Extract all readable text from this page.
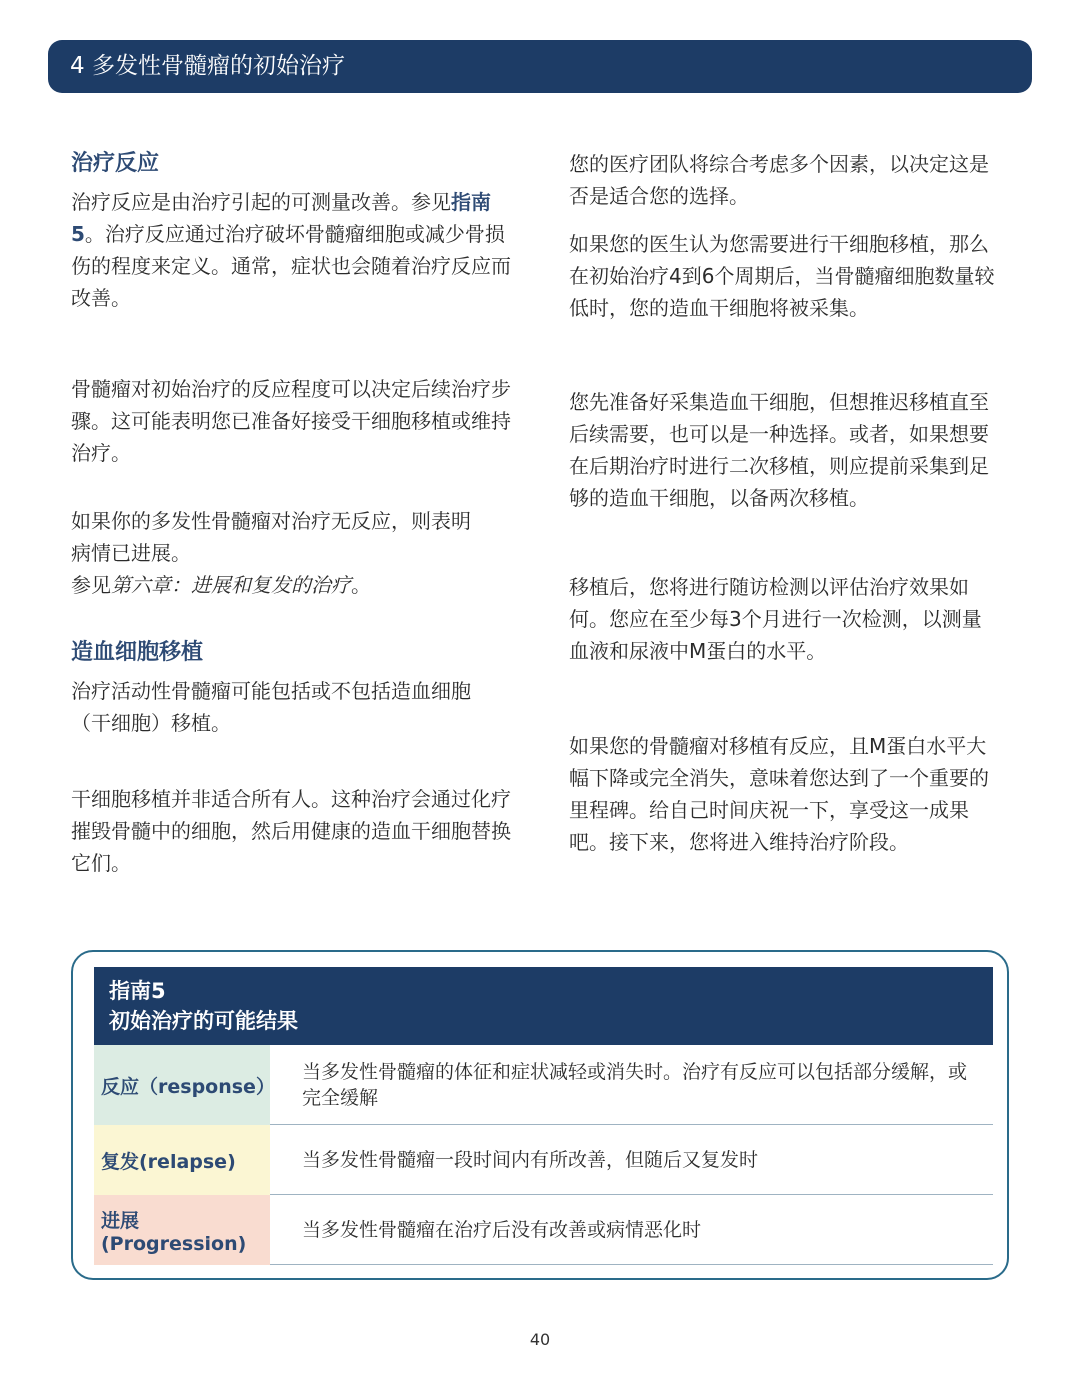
4 多发性骨髓瘤的初始治疗
治疗反应

治疗反应是由治疗引起的可测量改善。参见指南5。治疗反应通过治疗破坏骨髓瘤细胞或减少骨损伤的程度来定义。通常，症状也会随着治疗反应而改善。

骨髓瘤对初始治疗的反应程度可以决定后续治疗步骤。这可能表明您已准备好接受干细胞移植或维持治疗。

如果你的多发性骨髓瘤对治疗无反应，则表明病情已进展。

参见第六章：进展和复发的治疗。

造血细胞移植

治疗活动性骨髓瘤可能包括或不包括造血细胞（干细胞）移植。

干细胞移植并非适合所有人。这种治疗会通过化疗摧毁骨髓中的细胞，然后用健康的造血干细胞替换它们。

您的医疗团队将综合考虑多个因素，以决定这是否是适合您的选择。

如果您的医生认为您需要进行干细胞移植，那么在初始治疗4到6个周期后，当骨髓瘤细胞数量较低时，您的造血干细胞将被采集。

您先准备好采集造血干细胞，但想推迟移植直至后续需要，也可以是一种选择。或者，如果想要在后期治疗时进行二次移植，则应提前采集到足够的造血干细胞，以备两次移植。

移植后，您将进行随访检测以评估治疗效果如何。您应在至少每3个月进行一次检测，以测量血液和尿液中M蛋白的水平。

如果您的骨髓瘤对移植有反应，且M蛋白水平大幅下降或完全消失，意味着您达到了一个重要的里程碑。给自己时间庆祝一下，享受这一成果吧。接下来，您将进入维持治疗阶段。

指南5
初始治疗的可能结果
反应（response）
当多发性骨髓瘤的体征和症状减轻或消失时。治疗有反应可以包括部分缓解，或完全缓解
复发(relapse)	当多发性骨髓瘤一段时间内有所改善，但随后又复发时
进展(Progression)
当多发性骨髓瘤在治疗后没有改善或病情恶化时
40
